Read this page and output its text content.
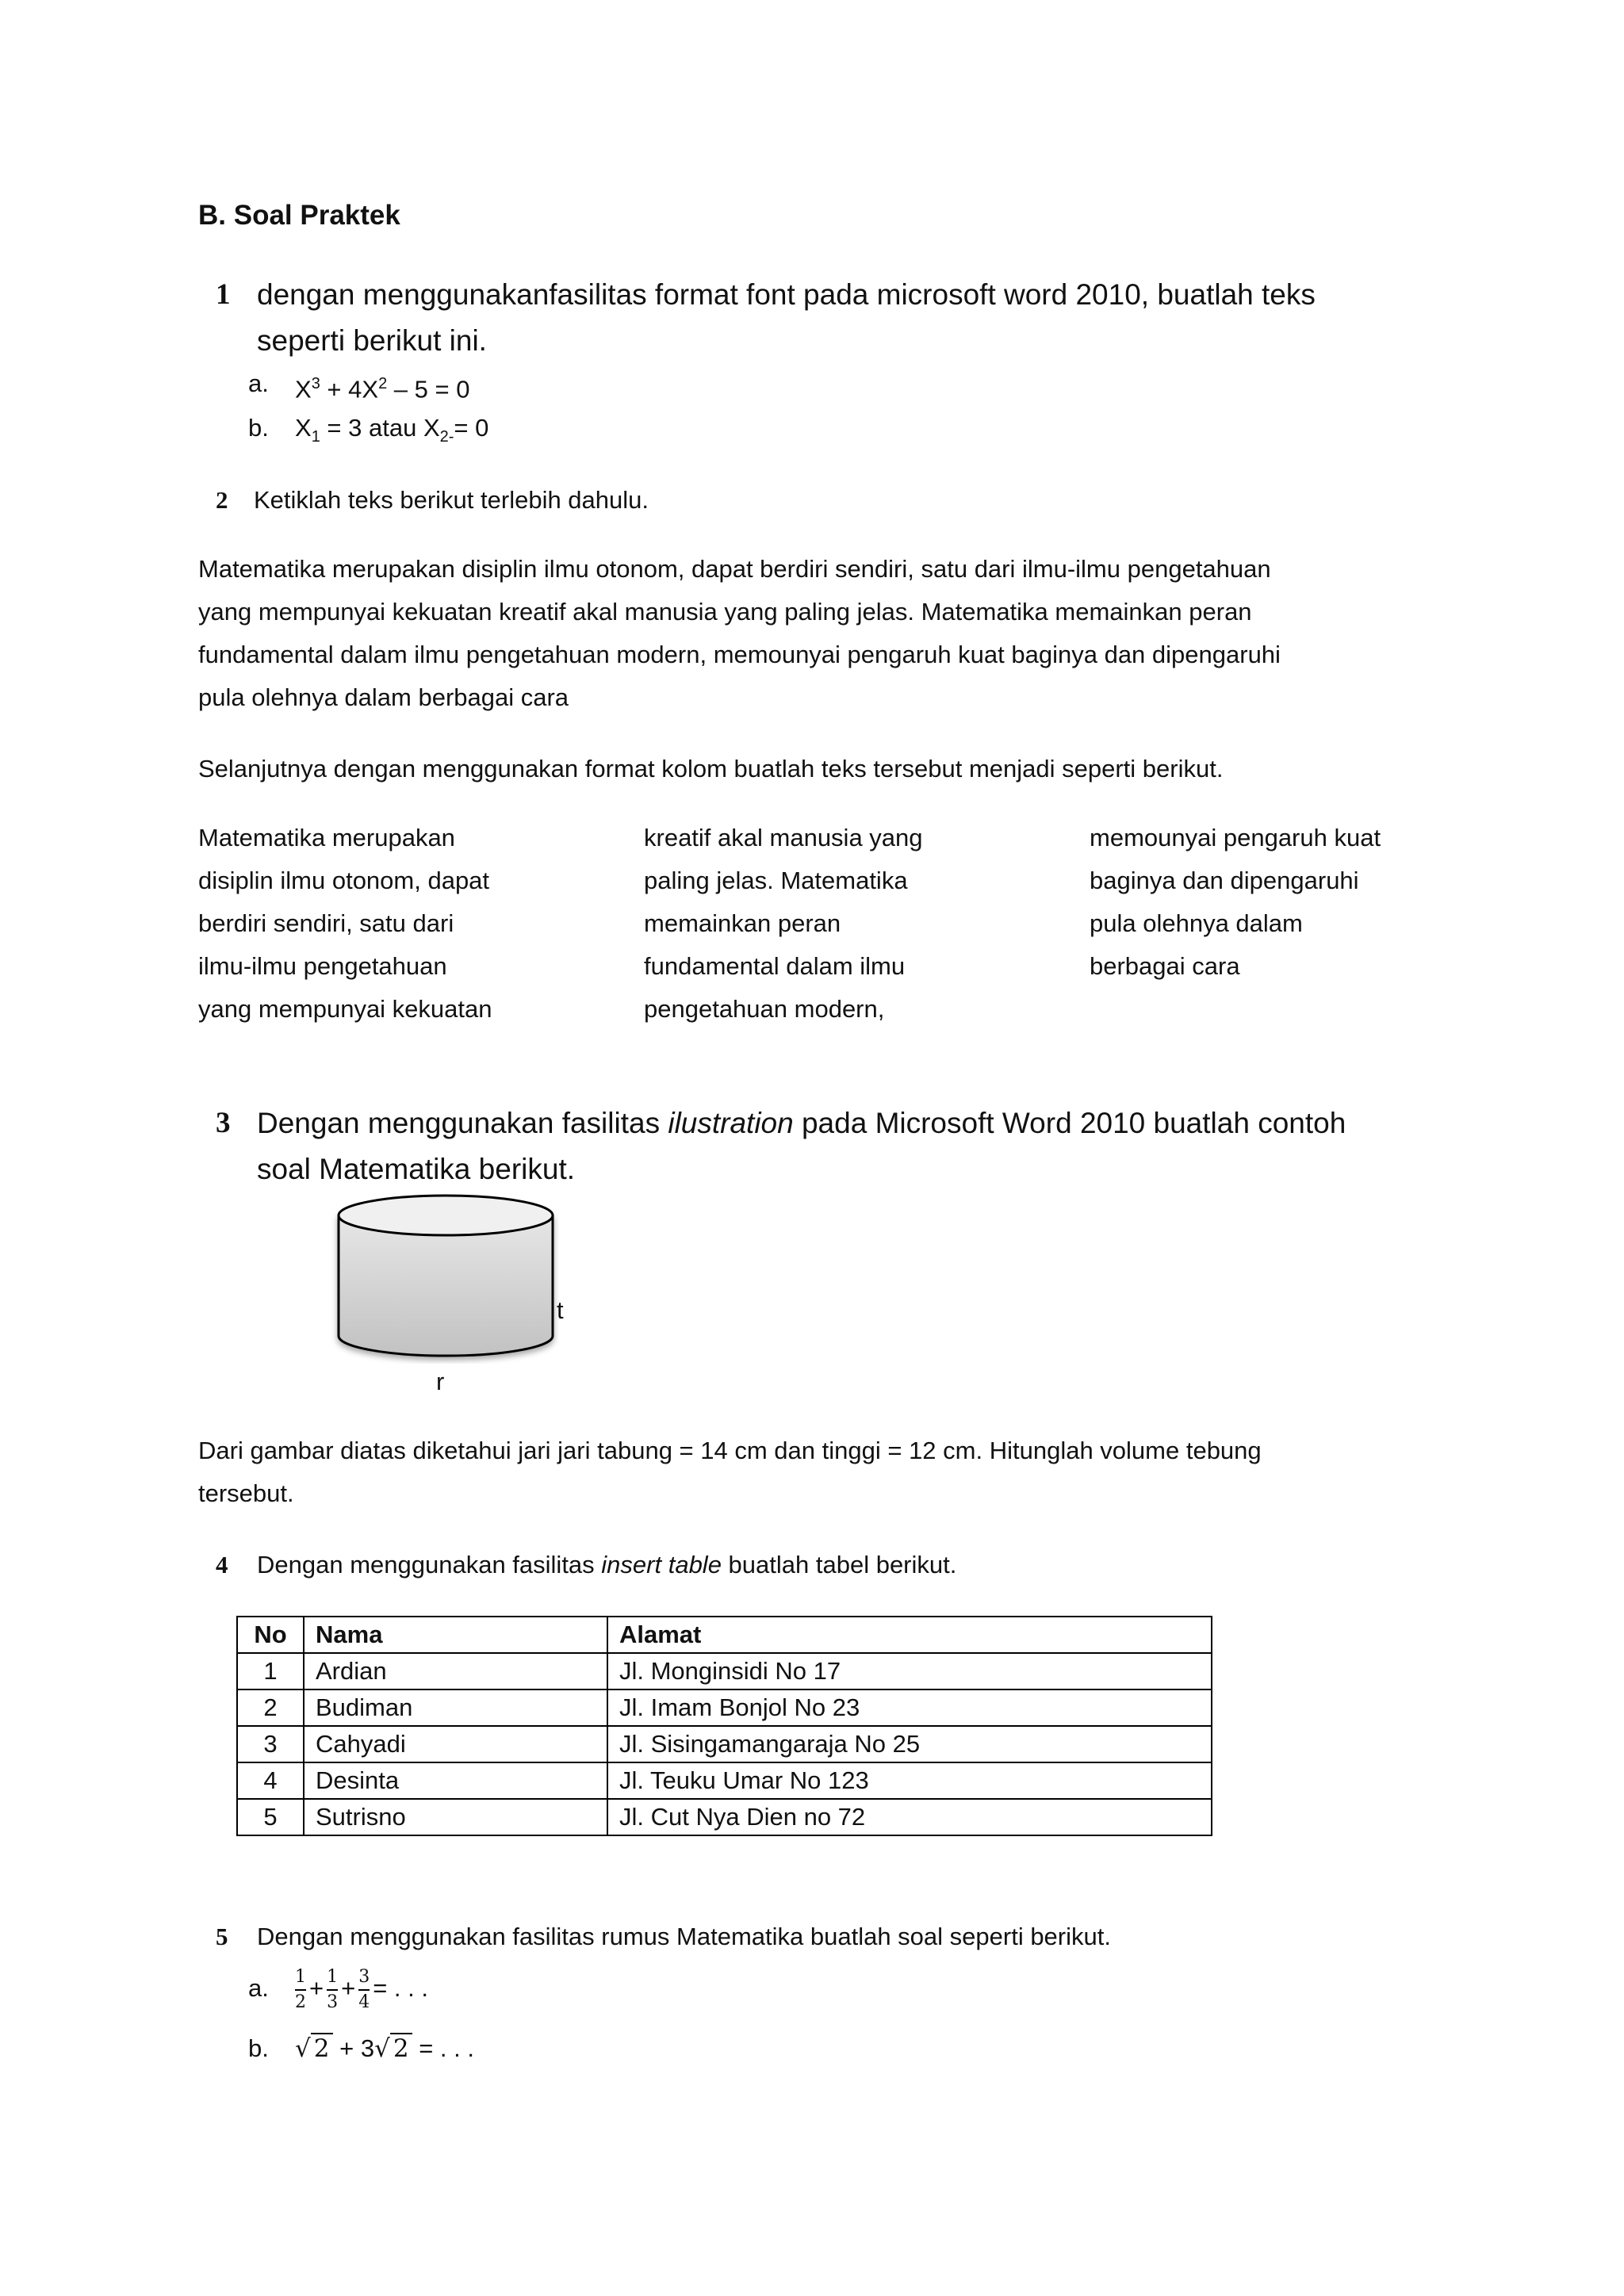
B. Soal Praktek
1 dengan menggunakanfasilitas format font pada microsoft word 2010, buatlah teks
seperti berikut ini.
a. $X^3 + 4X^2 - 5 = 0$
b. $X_1 = 3$ atau $X_{2-}= 0$
2 Ketiklah teks berikut terlebih dahulu.
Matematika merupakan disiplin ilmu otonom, dapat berdiri sendiri, satu dari ilmu-ilmu pengetahuan
yang mempunyai kekuatan kreatif akal manusia yang paling jelas. Matematika memainkan peran
fundamental dalam ilmu pengetahuan modern, memounyai pengaruh kuat baginya dan dipengaruhi
pula olehnya dalam berbagai cara
Selanjutnya dengan menggunakan format kolom buatlah teks tersebut menjadi seperti berikut.
Matematika merupakan
disiplin ilmu otonom, dapat
berdiri sendiri, satu dari
ilmu-ilmu pengetahuan
yang mempunyai kekuatan
kreatif akal manusia yang
paling jelas. Matematika
memainkan peran
fundamental dalam ilmu
pengetahuan modern,
memounyai pengaruh kuat
baginya dan dipengaruhi
pula olehnya dalam
berbagai cara
3 Dengan menggunakan fasilitas ilustration pada Microsoft Word 2010 buatlah contoh
soal Matematika berikut.
t
r
Dari gambar diatas diketahui jari jari tabung = 14 cm dan tinggi = 12 cm. Hitunglah volume tebung
tersebut.
4 Dengan menggunakan fasilitas insert table buatlah tabel berikut.
No	Nama	Alamat
1	Ardian	Jl. Monginsidi No 17
2	Budiman	Jl. Imam Bonjol No 23
3	Cahyadi	Jl. Sisingamangaraja No 25
4	Desinta	Jl. Teuku Umar No 123
5	Sutrisno	Jl. Cut Nya Dien no 72
5 Dengan menggunakan fasilitas rumus Matematika buatlah soal seperti berikut.
a. $\frac{1}{2} + \frac{1}{3} + \frac{3}{4}$ = . . .
b. √ 2 + 3√ 2 = . . .
